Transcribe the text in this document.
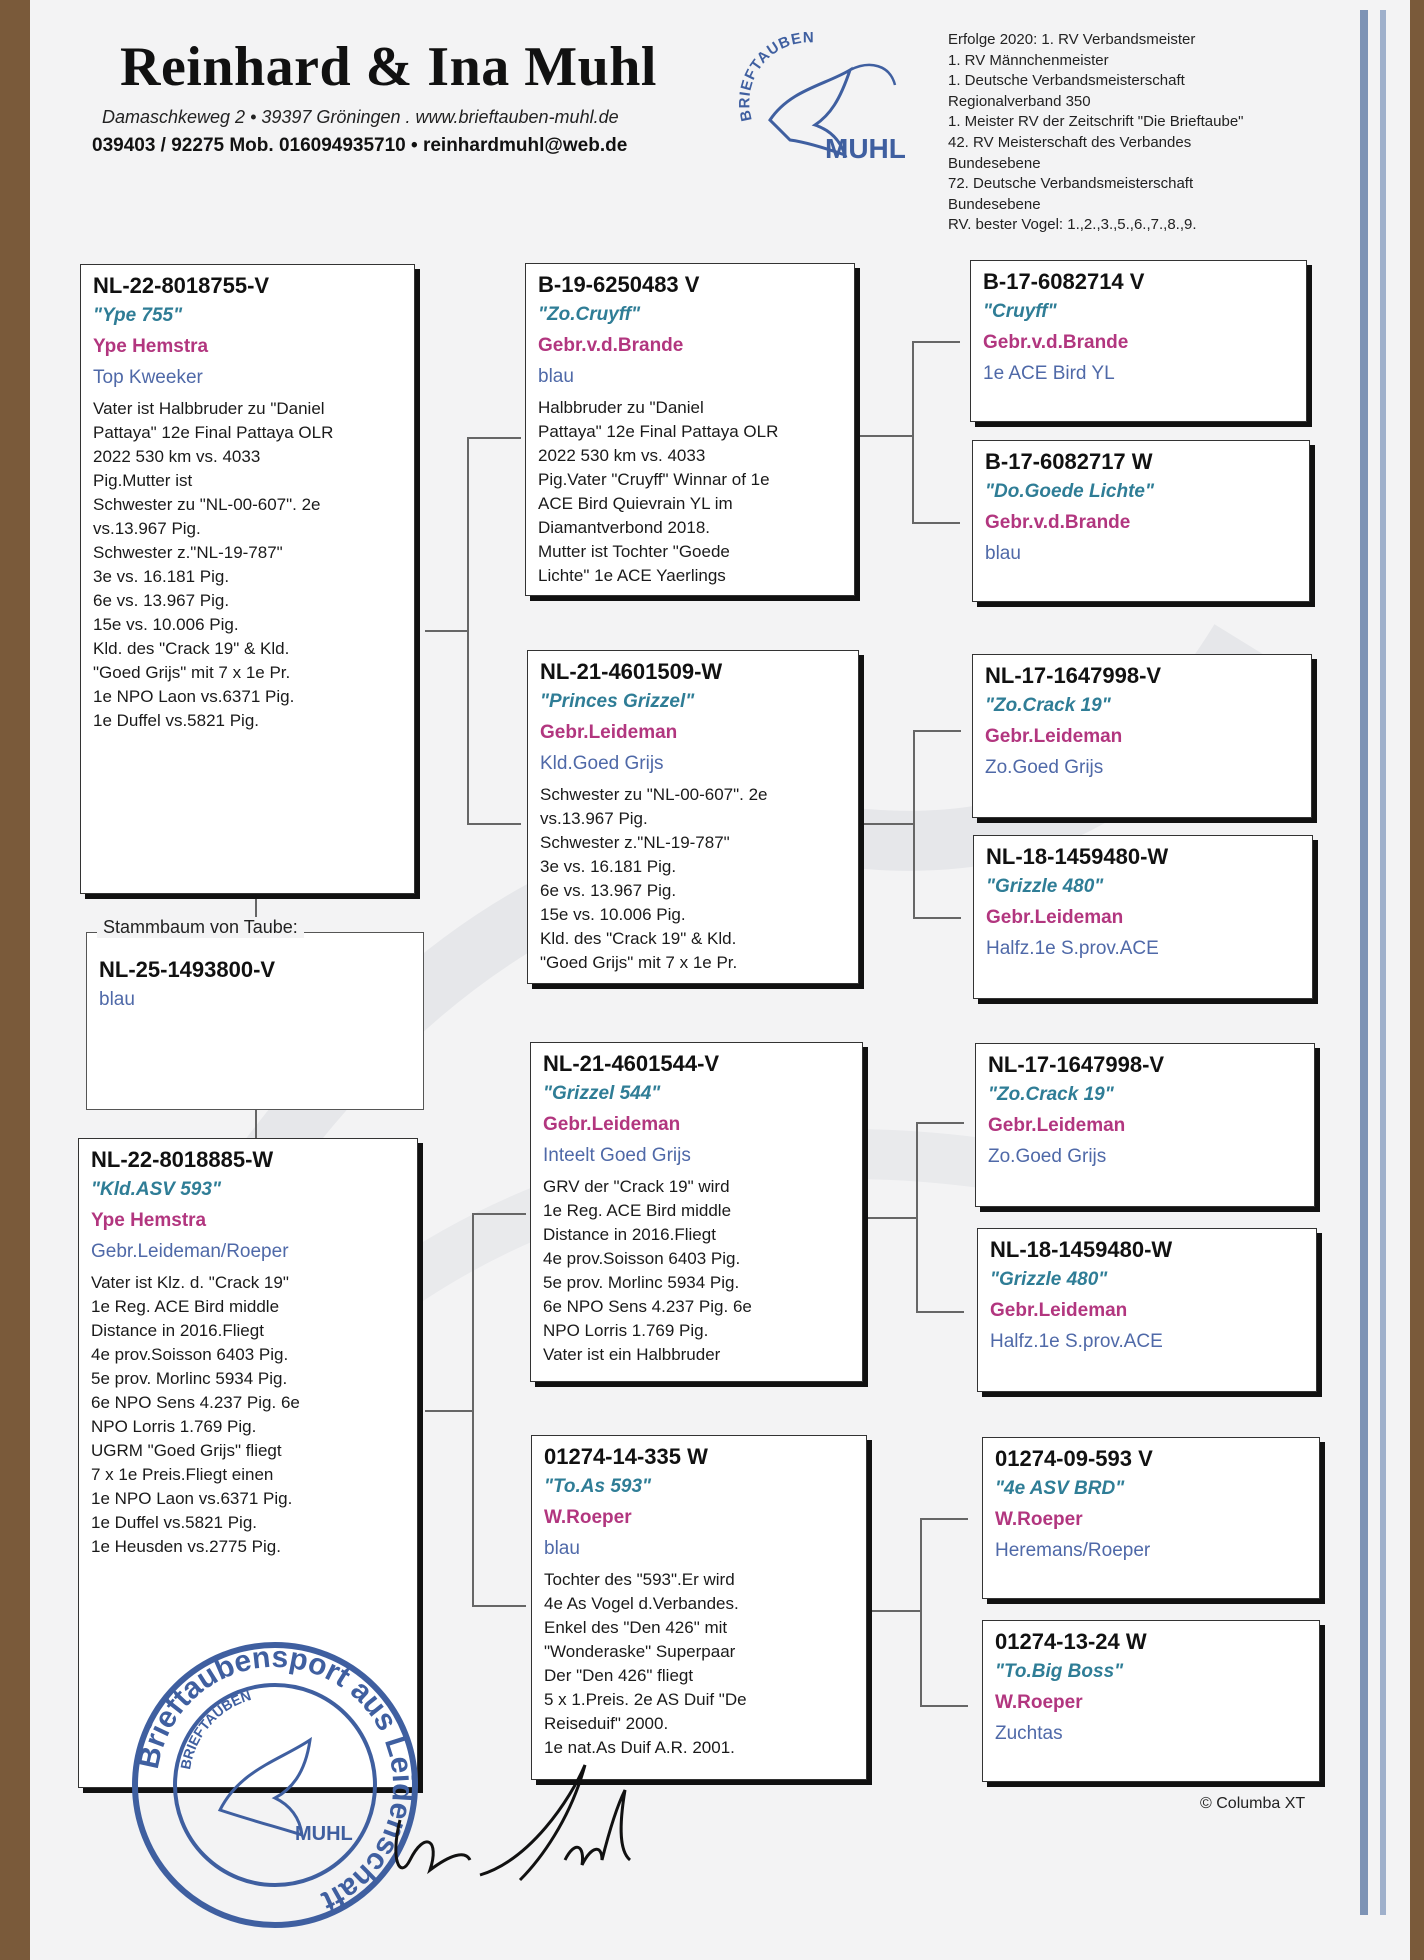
Reinhard & Ina Muhl
Damaschkeweg 2 • 39397 Gröningen . www.brieftauben-muhl.de
039403 / 92275 Mob. 016094935710 • reinhardmuhl@web.de
BRIEFTAUBEN
MUHL
Erfolge 2020: 1. RV Verbandsmeister
1. RV Männchenmeister
1. Deutsche Verbandsmeisterschaft
Regionalverband 350
1. Meister RV der Zeitschrift "Die Brieftaube"
42. RV Meisterschaft des Verbandes
Bundesebene
72. Deutsche Verbandsmeisterschaft
Bundesebene
RV. bester Vogel: 1.,2.,3.,5.,6.,7.,8.,9.
NL-22-8018755-V
"Ype 755"
Ype Hemstra
Top Kweeker
Vater ist Halbbruder zu "Daniel
Pattaya" 12e Final Pattaya OLR
2022 530 km vs. 4033
Pig.Mutter ist
Schwester zu "NL-00-607". 2e
vs.13.967 Pig.
Schwester z."NL-19-787"
3e vs. 16.181 Pig.
6e vs. 13.967 Pig.
15e vs. 10.006 Pig.
Kld. des "Crack 19" & Kld.
"Goed Grijs" mit 7 x 1e Pr.
1e NPO Laon vs.6371 Pig.
1e Duffel vs.5821 Pig.
NL-25-1493800-V
blau
Stammbaum von Taube:
NL-22-8018885-W
"Kld.ASV 593"
Ype Hemstra
Gebr.Leideman/Roeper
Vater ist Klz. d. "Crack 19"
1e Reg. ACE Bird middle
Distance in 2016.Fliegt
4e prov.Soisson 6403 Pig.
5e prov. Morlinc 5934 Pig.
6e NPO Sens 4.237 Pig. 6e
NPO Lorris 1.769 Pig.
UGRM "Goed Grijs" fliegt
7 x 1e Preis.Fliegt einen
1e NPO Laon vs.6371 Pig.
1e Duffel vs.5821 Pig.
1e Heusden vs.2775 Pig.
B-19-6250483 V
"Zo.Cruyff"
Gebr.v.d.Brande
blau
Halbbruder zu "Daniel
Pattaya" 12e Final Pattaya OLR
2022 530 km vs. 4033
Pig.Vater "Cruyff" Winnar of 1e
ACE Bird Quievrain YL im
Diamantverbond 2018.
Mutter ist Tochter "Goede
Lichte" 1e ACE Yaerlings
NL-21-4601509-W
"Princes Grizzel"
Gebr.Leideman
Kld.Goed Grijs
Schwester zu "NL-00-607". 2e
vs.13.967 Pig.
Schwester z."NL-19-787"
3e vs. 16.181 Pig.
6e vs. 13.967 Pig.
15e vs. 10.006 Pig.
Kld. des "Crack 19" & Kld.
"Goed Grijs" mit 7 x 1e Pr.
NL-21-4601544-V
"Grizzel 544"
Gebr.Leideman
Inteelt Goed Grijs
GRV der "Crack 19" wird
1e Reg. ACE Bird middle
Distance in 2016.Fliegt
4e prov.Soisson 6403 Pig.
5e prov. Morlinc 5934 Pig.
6e NPO Sens 4.237 Pig. 6e
NPO Lorris 1.769 Pig.
Vater ist ein Halbbruder
01274-14-335 W
"To.As 593"
W.Roeper
blau
Tochter des "593".Er wird
4e As Vogel d.Verbandes.
Enkel des "Den 426" mit
"Wonderaske" Superpaar
Der "Den 426" fliegt
5 x 1.Preis. 2e AS Duif "De
Reiseduif" 2000.
1e nat.As Duif A.R. 2001.
B-17-6082714 V
"Cruyff"
Gebr.v.d.Brande
1e ACE Bird YL
B-17-6082717 W
"Do.Goede Lichte"
Gebr.v.d.Brande
blau
NL-17-1647998-V
"Zo.Crack 19"
Gebr.Leideman
Zo.Goed Grijs
NL-18-1459480-W
"Grizzle 480"
Gebr.Leideman
Halfz.1e S.prov.ACE
NL-17-1647998-V
"Zo.Crack 19"
Gebr.Leideman
Zo.Goed Grijs
NL-18-1459480-W
"Grizzle 480"
Gebr.Leideman
Halfz.1e S.prov.ACE
01274-09-593 V
"4e ASV BRD"
W.Roeper
Heremans/Roeper
01274-13-24 W
"To.Big Boss"
W.Roeper
Zuchtas
© Columba XT
Brieftaubensport aus Leidenschaft
BRIEFTAUBEN
MUHL
